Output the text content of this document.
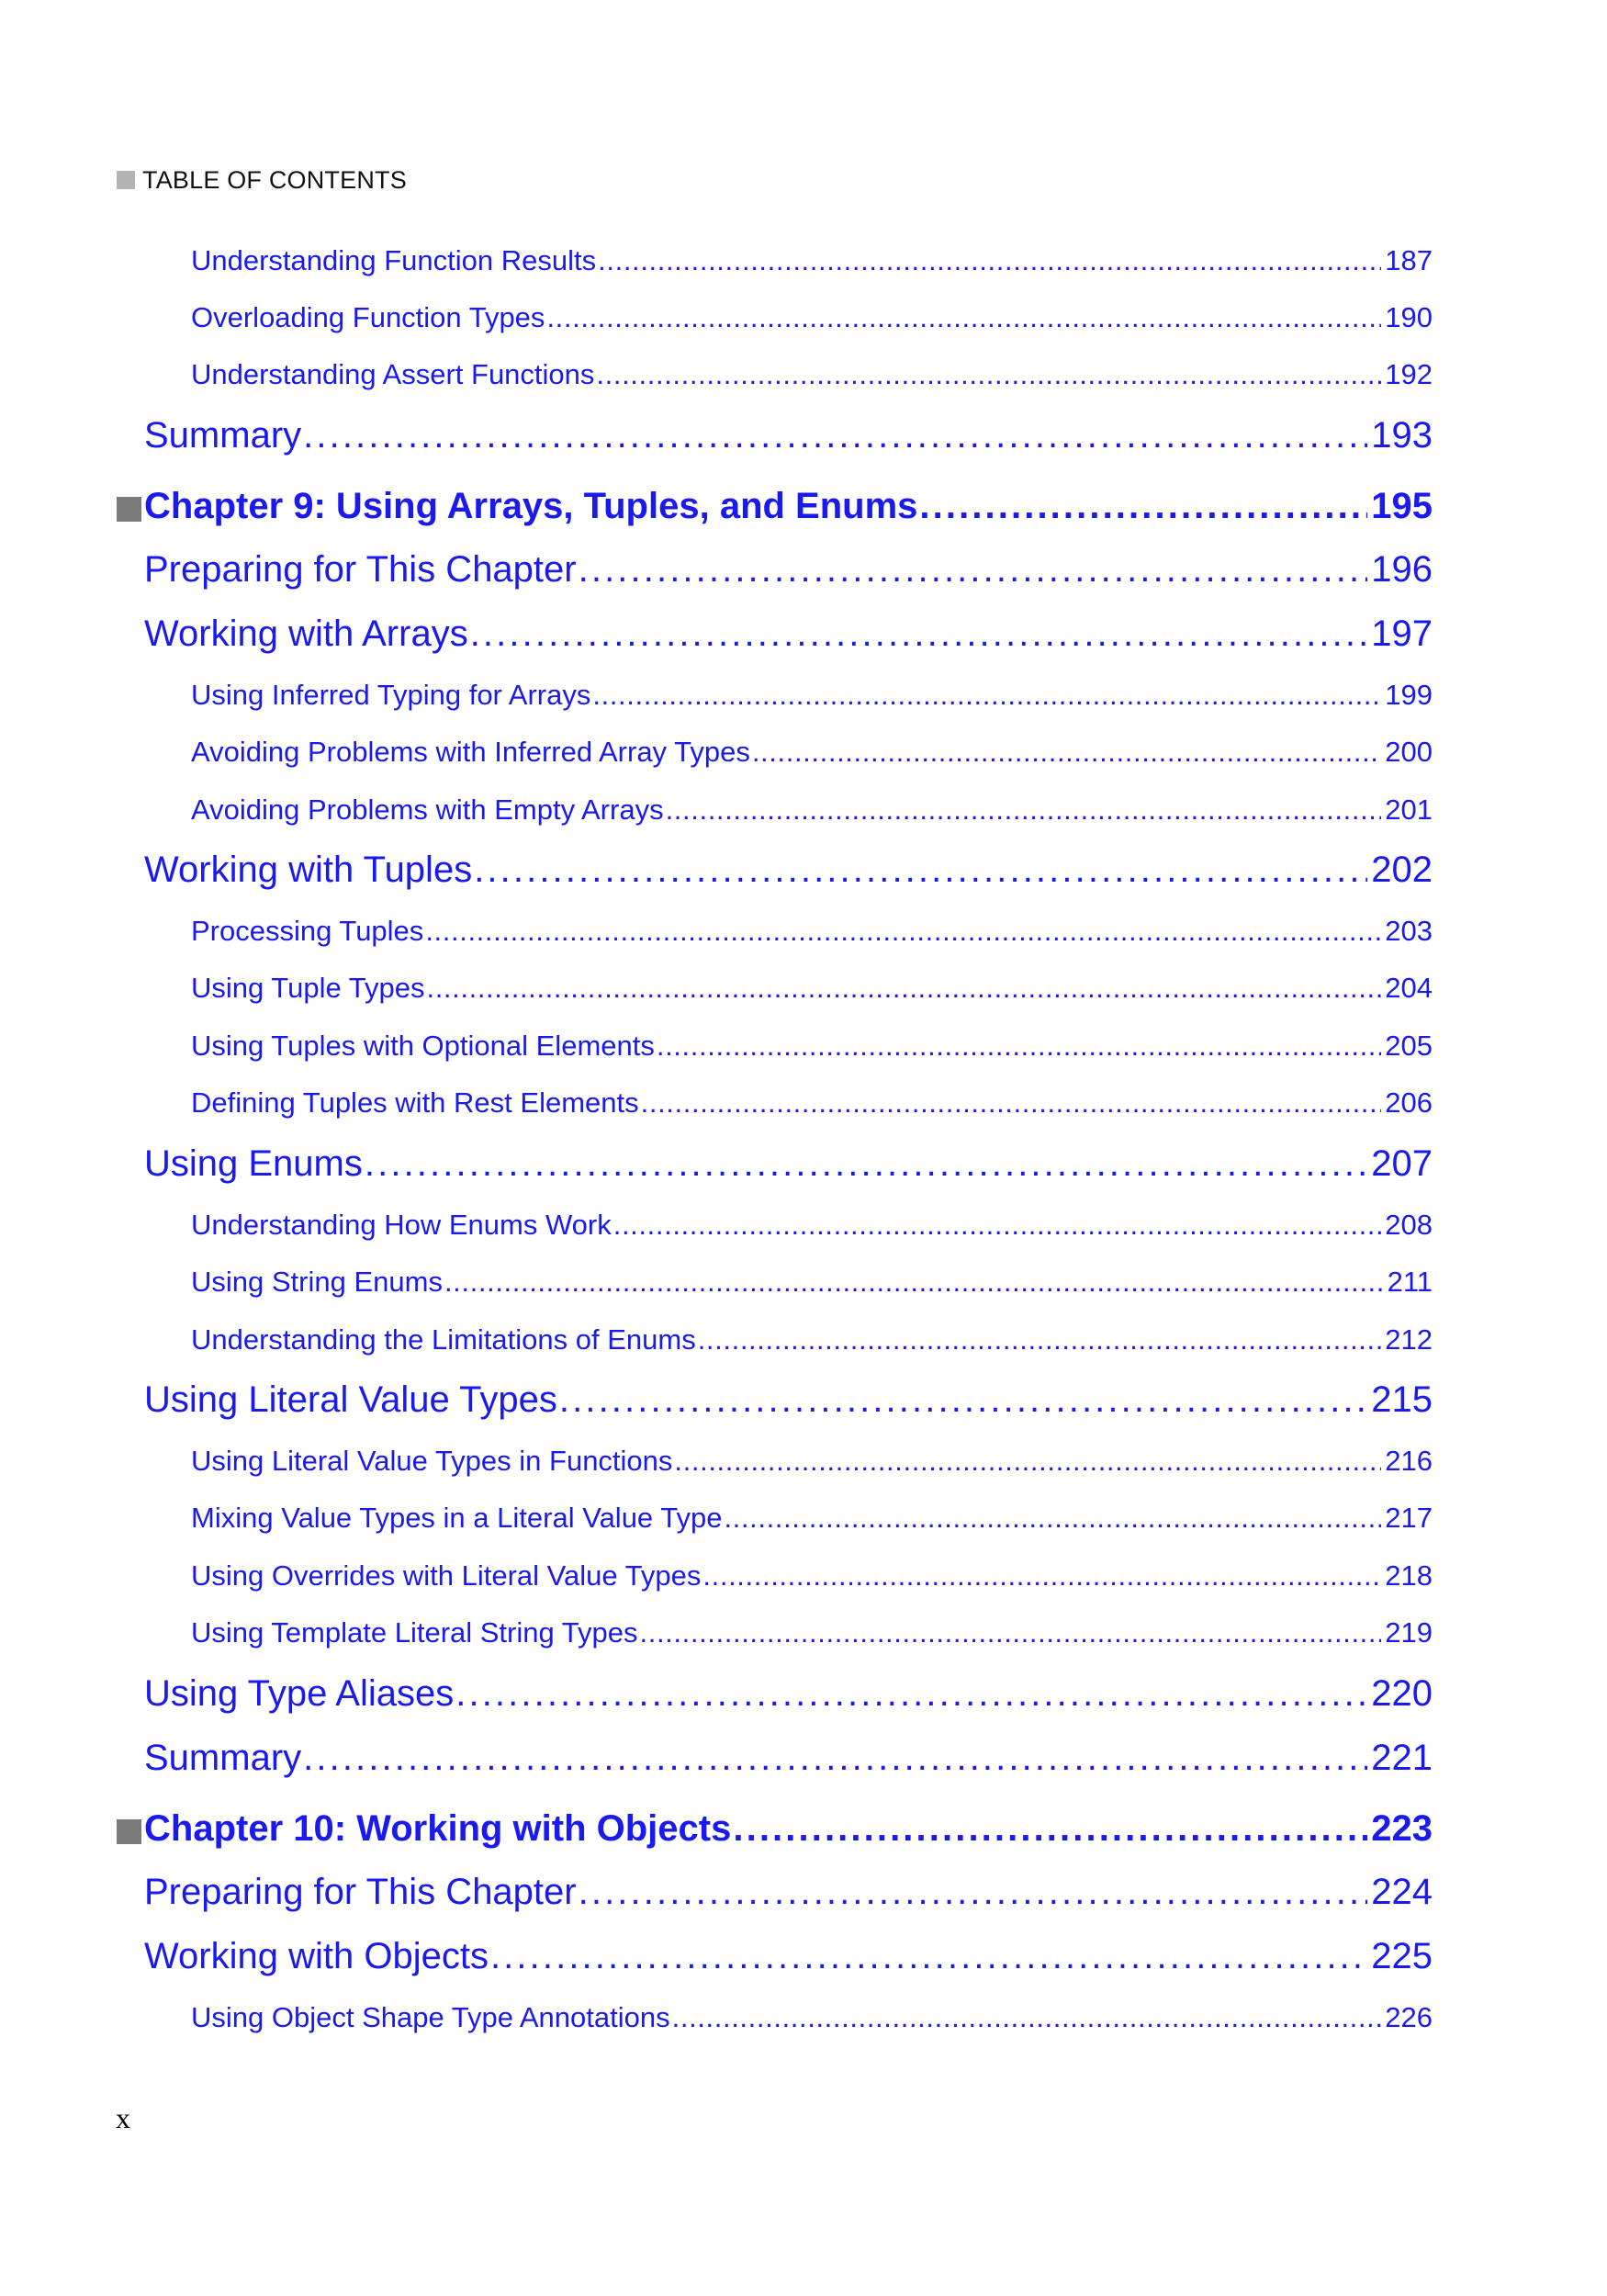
TABLE OF CONTENTS
Understanding Function Results . . .	187
Overloading Function Types . . .	190
Understanding Assert Functions . . .	192
Summary . . .	193
Chapter 9: Using Arrays, Tuples, and Enums . . .	195
Preparing for This Chapter . . .	196
Working with Arrays . . .	197
Using Inferred Typing for Arrays . . .	199
Avoiding Problems with Inferred Array Types . . .	200
Avoiding Problems with Empty Arrays . . .	201
Working with Tuples . . .	202
Processing Tuples . . .	203
Using Tuple Types . . .	204
Using Tuples with Optional Elements . . .	205
Defining Tuples with Rest Elements . . .	206
Using Enums . . .	207
Understanding How Enums Work . . .	208
Using String Enums . . .	211
Understanding the Limitations of Enums . . .	212
Using Literal Value Types . . .	215
Using Literal Value Types in Functions . . .	216
Mixing Value Types in a Literal Value Type . . .	217
Using Overrides with Literal Value Types . . .	218
Using Template Literal String Types . . .	219
Using Type Aliases . . .	220
Summary . . .	221
Chapter 10: Working with Objects . . .	223
Preparing for This Chapter . . .	224
Working with Objects . . .	225
Using Object Shape Type Annotations . . .	226
x
